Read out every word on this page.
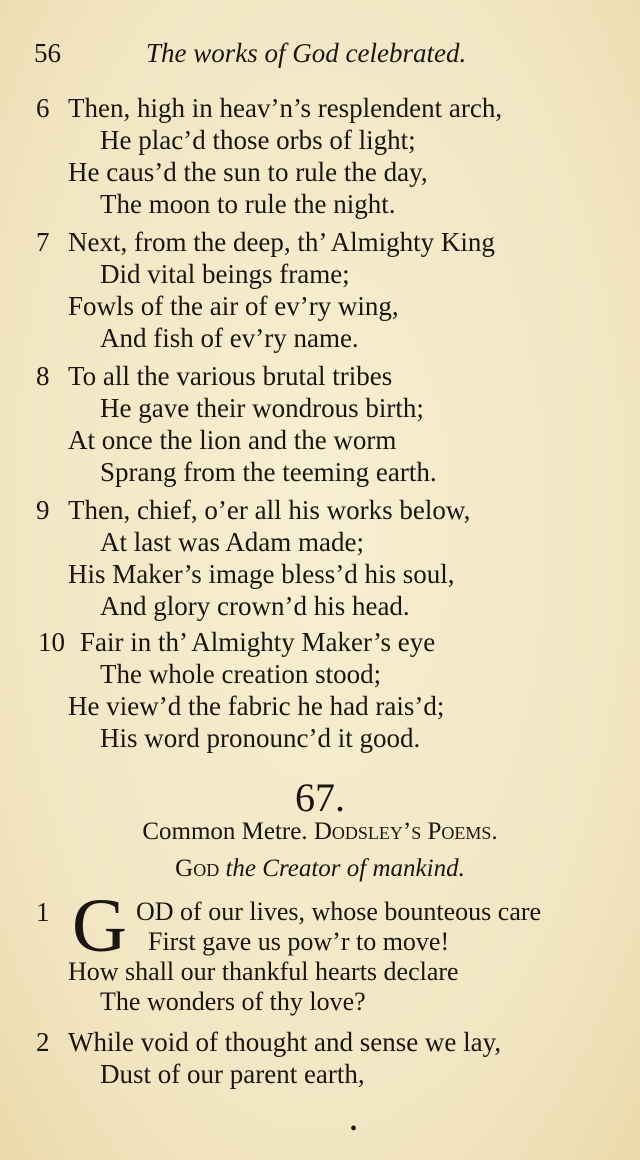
56	The works of God celebrated.
6 Then, high in heav’n’s resplendent arch,
He plac’d those orbs of light;
He caus’d the sun to rule the day,
The moon to rule the night.
7 Next, from the deep, th’ Almighty King
Did vital beings frame;
Fowls of the air of ev’ry wing,
And fish of ev’ry name.
8 To all the various brutal tribes
He gave their wondrous birth;
At once the lion and the worm
Sprang from the teeming earth.
9 Then, chief, o’er all his works below,
At last was Adam made;
His Maker’s image bless’d his soul,
And glory crown’d his head.
10 Fair in th’ Almighty Maker’s eye
The whole creation stood;
He view’d the fabric he had rais’d;
His word pronounc’d it good.
67.
Common Metre. Dodsley’s Poems.
God the Creator of mankind.
1 G OD of our lives, whose bounteous care
First gave us pow’r to move!
How shall our thankful hearts declare
The wonders of thy love?
2 While void of thought and sense we lay,
Dust of our parent earth,
•
